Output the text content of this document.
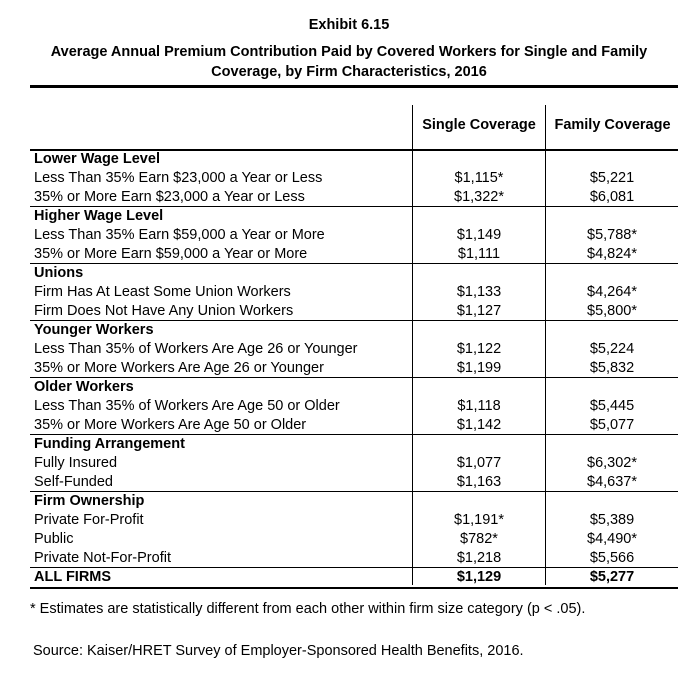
Exhibit 6.15
Average Annual Premium Contribution Paid by Covered Workers for Single and Family
Coverage, by Firm Characteristics, 2016
Single Coverage	Family Coverage
Lower Wage Level
Less Than 35% Earn $23,000 a Year or Less	$1,115*	$5,221
35% or More Earn $23,000 a Year or Less	$1,322*	$6,081
Higher Wage Level
Less Than 35% Earn $59,000 a Year or More	$1,149	$5,788*
35% or More Earn $59,000 a Year or More	$1,111	$4,824*
Unions
Firm Has At Least Some Union Workers	$1,133	$4,264*
Firm Does Not Have Any Union Workers	$1,127	$5,800*
Younger Workers
Less Than 35% of Workers Are Age 26 or Younger	$1,122	$5,224
35% or More Workers Are Age 26 or Younger	$1,199	$5,832
Older Workers
Less Than 35% of Workers Are Age 50 or Older	$1,118	$5,445
35% or More Workers Are Age 50 or Older	$1,142	$5,077
Funding Arrangement
Fully Insured	$1,077	$6,302*
Self-Funded	$1,163	$4,637*
Firm Ownership
Private For-Profit	$1,191*	$5,389
Public	$782*	$4,490*
Private Not-For-Profit	$1,218	$5,566
ALL FIRMS	$1,129	$5,277
* Estimates are statistically different from each other within firm size category (p < .05).
Source: Kaiser/HRET Survey of Employer-Sponsored Health Benefits, 2016.
